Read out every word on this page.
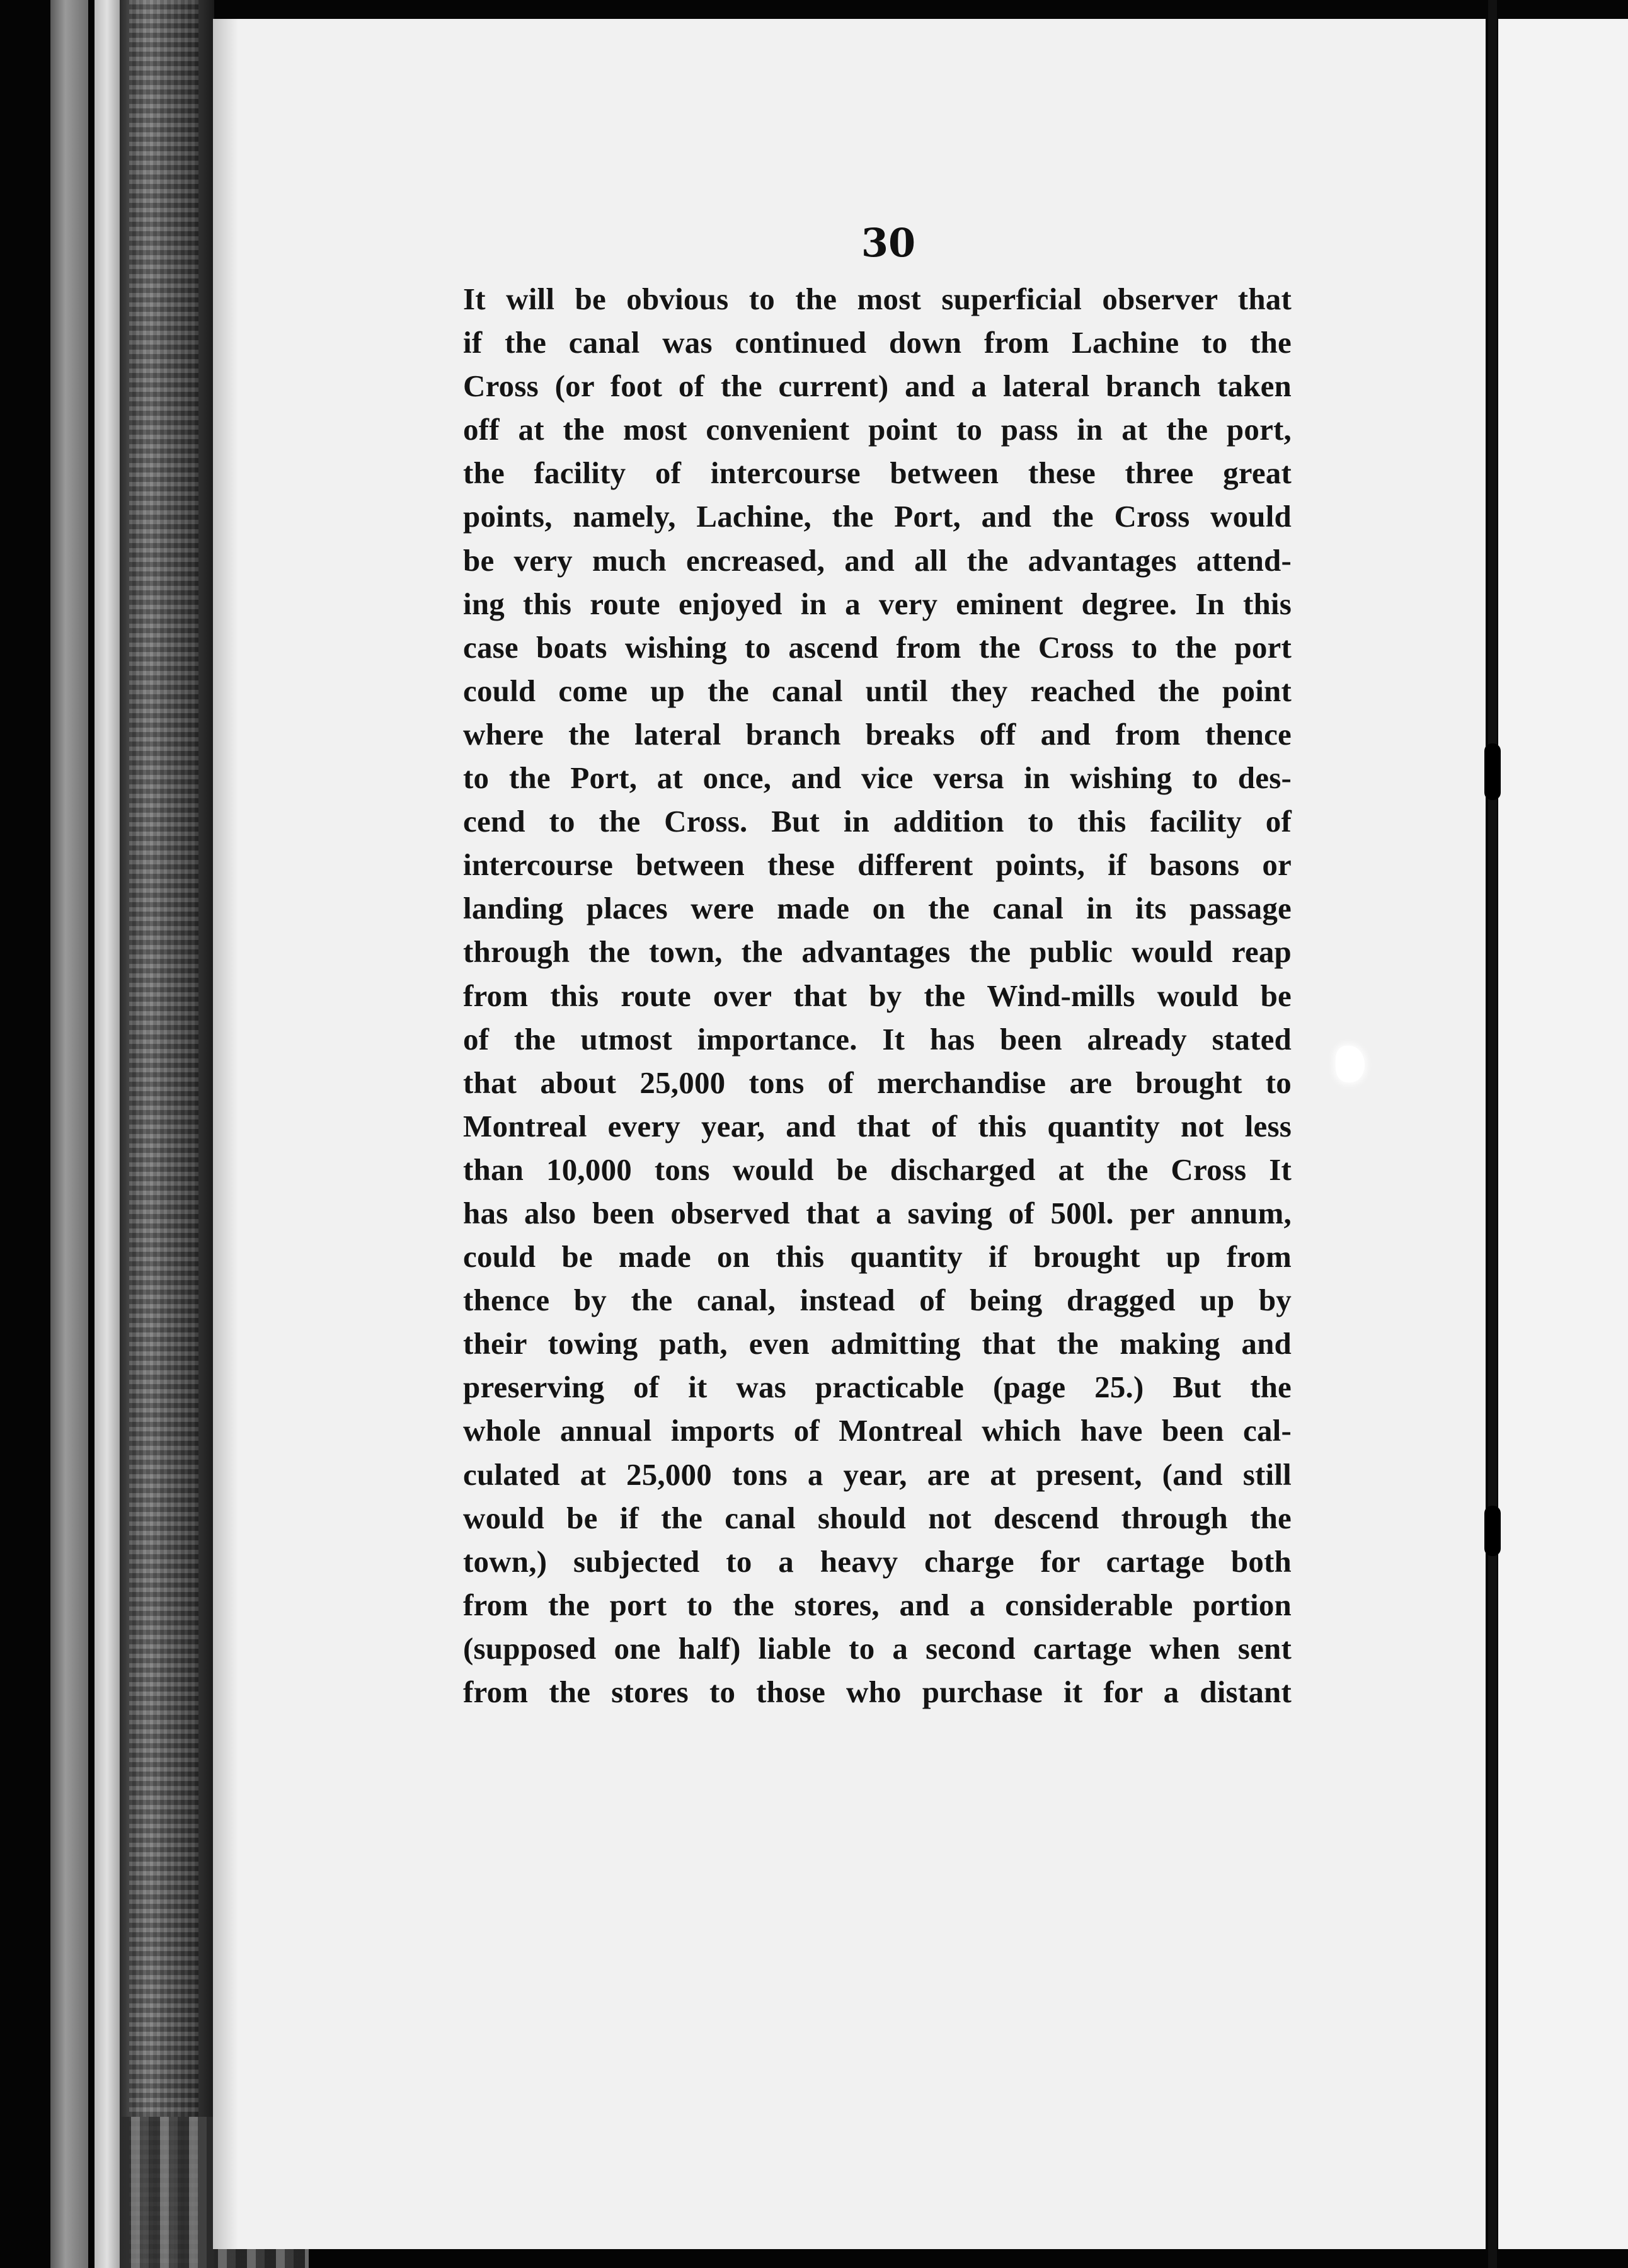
30
It will be obvious to the most superficial observer that
if the canal was continued down from Lachine to the
Cross (or foot of the current) and a lateral branch taken
off at the most convenient point to pass in at the port,
the facility of intercourse between these three great
points, namely, Lachine, the Port, and the Cross would
be very much encreased, and all the advantages attend-
ing this route enjoyed in a very eminent degree. In this
case boats wishing to ascend from the Cross to the port
could come up the canal until they reached the point
where the lateral branch breaks off and from thence
to the Port, at once, and vice versa in wishing to des-
cend to the Cross. But in addition to this facility of
intercourse between these different points, if basons or
landing places were made on the canal in its passage
through the town, the advantages the public would reap
from this route over that by the Wind-mills would be
of the utmost importance. It has been already stated
that about 25,000 tons of merchandise are brought to
Montreal every year, and that of this quantity not less
than 10,000 tons would be discharged at the Cross It
has also been observed that a saving of 500l. per annum,
could be made on this quantity if brought up from
thence by the canal, instead of being dragged up by
their towing path, even admitting that the making and
preserving of it was practicable (page 25.) But the
whole annual imports of Montreal which have been cal-
culated at 25,000 tons a year, are at present, (and still
would be if the canal should not descend through the
town,) subjected to a heavy charge for cartage both
from the port to the stores, and a considerable portion
(supposed one half) liable to a second cartage when sent
from the stores to those who purchase it for a distant
